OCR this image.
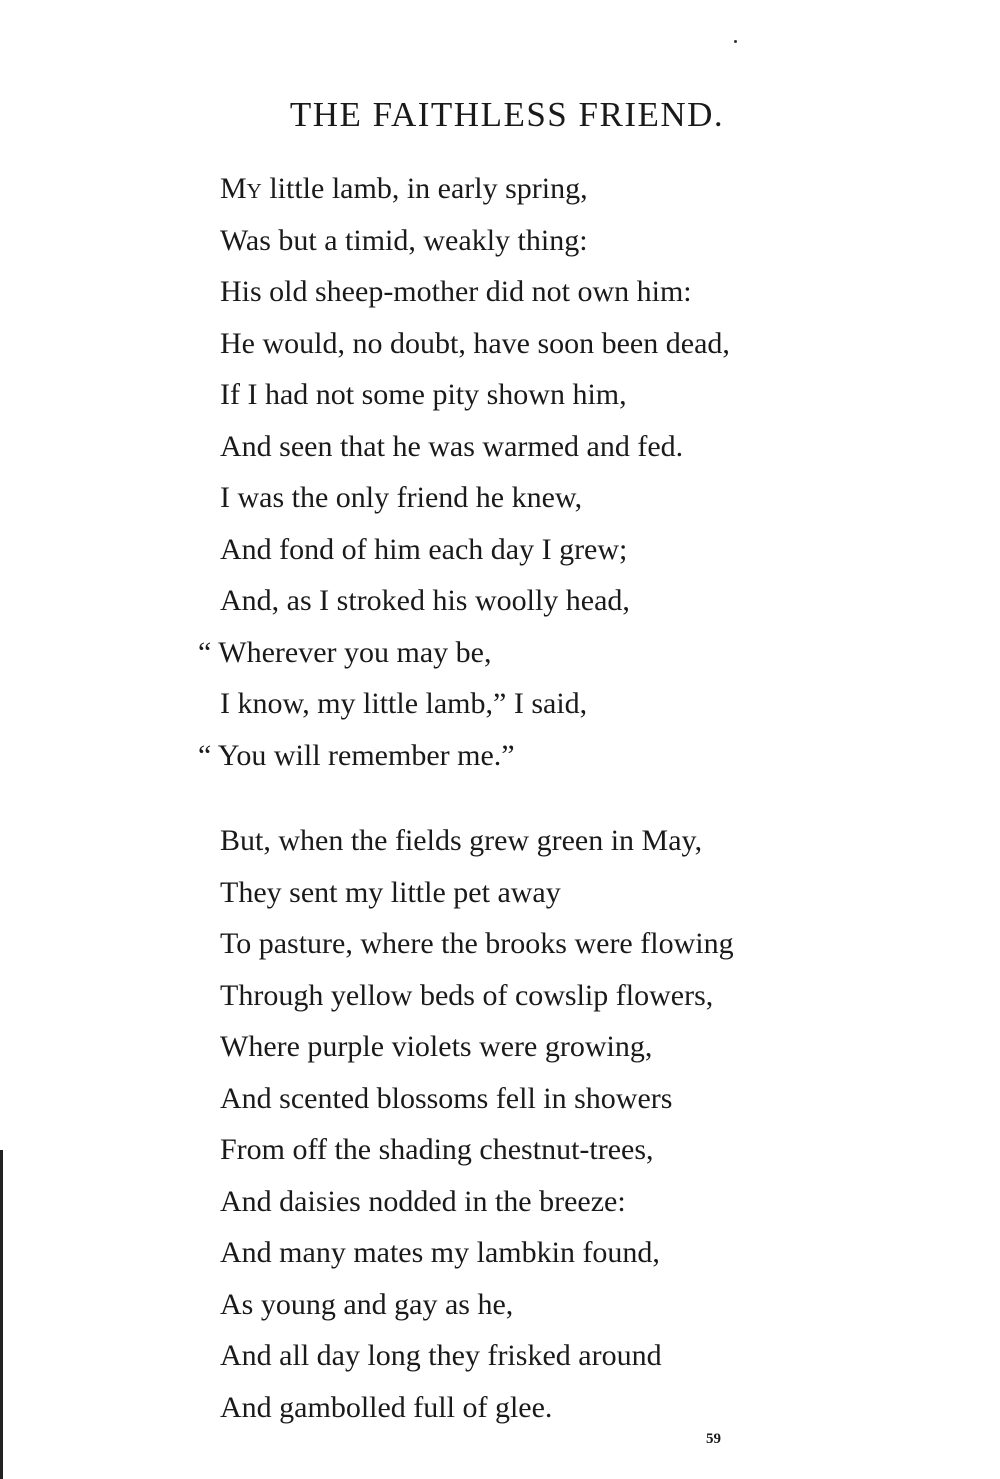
THE FAITHLESS FRIEND.
My little lamb, in early spring,
Was but a timid, weakly thing:
His old sheep-mother did not own him:
He would, no doubt, have soon been dead,
If I had not some pity shown him,
And seen that he was warmed and fed.
I was the only friend he knew,
And fond of him each day I grew;
And, as I stroked his woolly head,
“ Wherever you may be,
I know, my little lamb,” I said,
“ You will remember me.”
But, when the fields grew green in May,
They sent my little pet away
To pasture, where the brooks were flowing
Through yellow beds of cowslip flowers,
Where purple violets were growing,
And scented blossoms fell in showers
From off the shading chestnut-trees,
And daisies nodded in the breeze:
And many mates my lambkin found,
As young and gay as he,
And all day long they frisked around
And gambolled full of glee.
59
